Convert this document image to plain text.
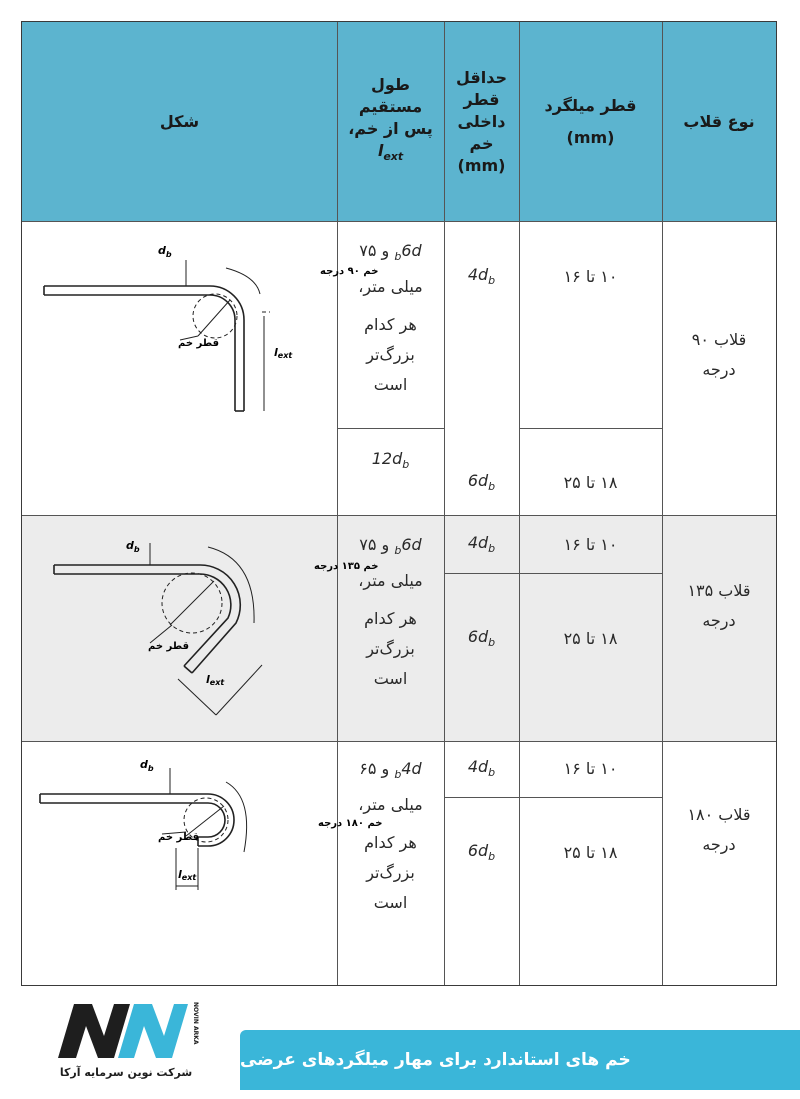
شکل
طول
مستقیم
پس از خم،
$l_{ext}$
حداقل
قطر
داخلی
خم
(mm)
قطر میلگرد
(mm)
نوع قلاب
قلاب ۹۰
درجه
۱۰ تا ۱۶
۱۸ تا ۲۵
$4d_b$
$6d_b$
$6d_b$ و ۷۵
میلی متر،
هر کدام
بزرگ‌تر
است
$12d_b$
$d_b$
خم ۹۰ درجه
قطر خم
lext
قلاب ۱۳۵
درجه
۱۰ تا ۱۶
۱۸ تا ۲۵
$4d_b$
$6d_b$
$6d_b$ و ۷۵
میلی متر،
هر کدام
بزرگ‌تر
است
$d_b$
خم ۱۳۵ درجه
قطر خم
lext
قلاب ۱۸۰
درجه
۱۰ تا ۱۶
۱۸ تا ۲۵
$4d_b$
$6d_b$
$4d_b$ و ۶۵
میلی متر،
هر کدام
بزرگ‌تر
است
$d_b$
خم ۱۸۰ درجه
قطر خم
lext
NOVIN ARKA
شرکت نوین سرمایه آرکا
خم های استاندارد برای مهار میلگردهای عرضی
